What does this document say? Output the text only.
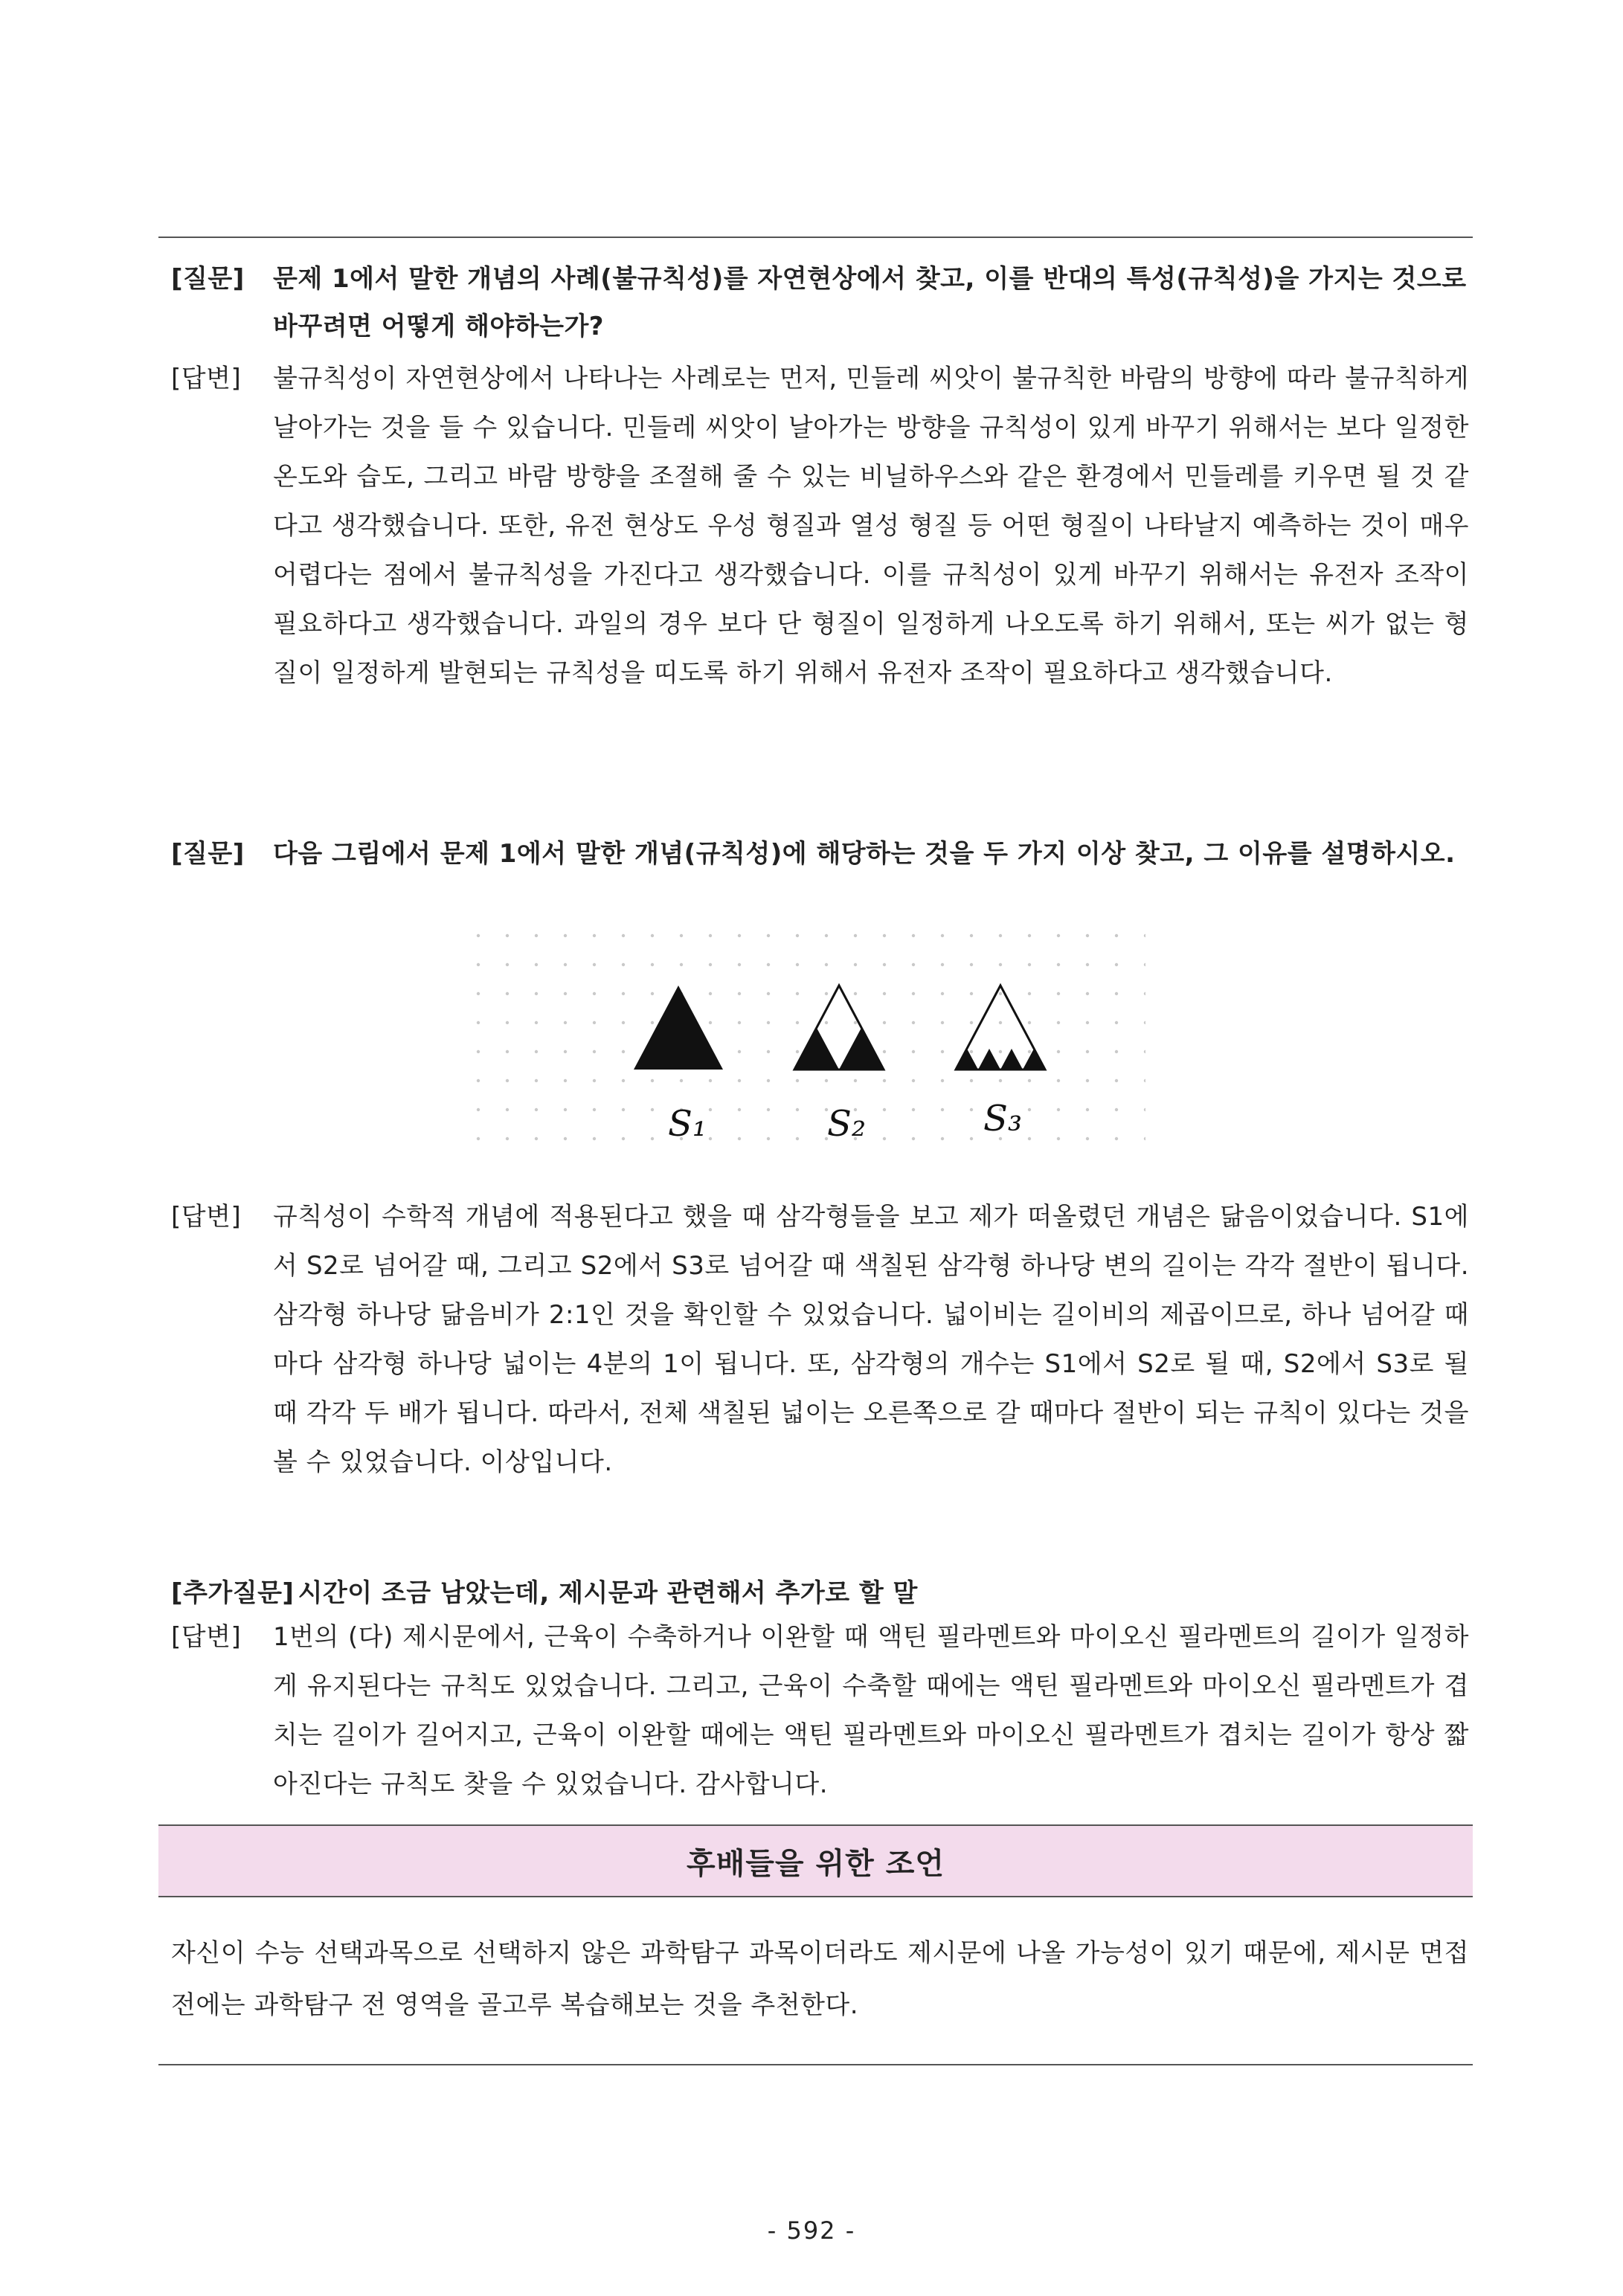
[질문]	문제 1에서 말한 개념의 사례(불규칙성)를 자연현상에서 찾고, 이를 반대의 특성(규칙성)을 가지는 것으로 바꾸려면 어떻게 해야하는가?
[답변]	불규칙성이 자연현상에서 나타나는 사례로는 먼저, 민들레 씨앗이 불규칙한 바람의 방향에 따라 불규칙하게 날아가는 것을 들 수 있습니다. 민들레 씨앗이 날아가는 방향을 규칙성이 있게 바꾸기 위해서는 보다 일정한 온도와 습도, 그리고 바람 방향을 조절해 줄 수 있는 비닐하우스와 같은 환경에서 민들레를 키우면 될 것 같다고 생각했습니다. 또한, 유전 현상도 우성 형질과 열성 형질 등 어떤 형질이 나타날지 예측하는 것이 매우 어렵다는 점에서 불규칙성을 가진다고 생각했습니다. 이를 규칙성이 있게 바꾸기 위해서는 유전자 조작이 필요하다고 생각했습니다. 과일의 경우 보다 단 형질이 일정하게 나오도록 하기 위해서, 또는 씨가 없는 형질이 일정하게 발현되는 규칙성을 띠도록 하기 위해서 유전자 조작이 필요하다고 생각했습니다.
[질문]	다음 그림에서 문제 1에서 말한 개념(규칙성)에 해당하는 것을 두 가지 이상 찾고, 그 이유를 설명하시오.
S₁	S₂	S₃
[답변]	규칙성이 수학적 개념에 적용된다고 했을 때 삼각형들을 보고 제가 떠올렸던 개념은 닮음이었습니다. S1에서 S2로 넘어갈 때, 그리고 S2에서 S3로 넘어갈 때 색칠된 삼각형 하나당 변의 길이는 각각 절반이 됩니다. 삼각형 하나당 닮음비가 2:1인 것을 확인할 수 있었습니다. 넓이비는 길이비의 제곱이므로, 하나 넘어갈 때마다 삼각형 하나당 넓이는 4분의 1이 됩니다. 또, 삼각형의 개수는 S1에서 S2로 될 때, S2에서 S3로 될 때 각각 두 배가 됩니다. 따라서, 전체 색칠된 넓이는 오른쪽으로 갈 때마다 절반이 되는 규칙이 있다는 것을 볼 수 있었습니다. 이상입니다.
[추가질문] 시간이 조금 남았는데, 제시문과 관련해서 추가로 할 말
[답변]	1번의 (다) 제시문에서, 근육이 수축하거나 이완할 때 액틴 필라멘트와 마이오신 필라멘트의 길이가 일정하게 유지된다는 규칙도 있었습니다. 그리고, 근육이 수축할 때에는 액틴 필라멘트와 마이오신 필라멘트가 겹치는 길이가 길어지고, 근육이 이완할 때에는 액틴 필라멘트와 마이오신 필라멘트가 겹치는 길이가 항상 짧아진다는 규칙도 찾을 수 있었습니다. 감사합니다.
후배들을 위한 조언
자신이 수능 선택과목으로 선택하지 않은 과학탐구 과목이더라도 제시문에 나올 가능성이 있기 때문에, 제시문 면접 전에는 과학탐구 전 영역을 골고루 복습해보는 것을 추천한다.
- 592 -
